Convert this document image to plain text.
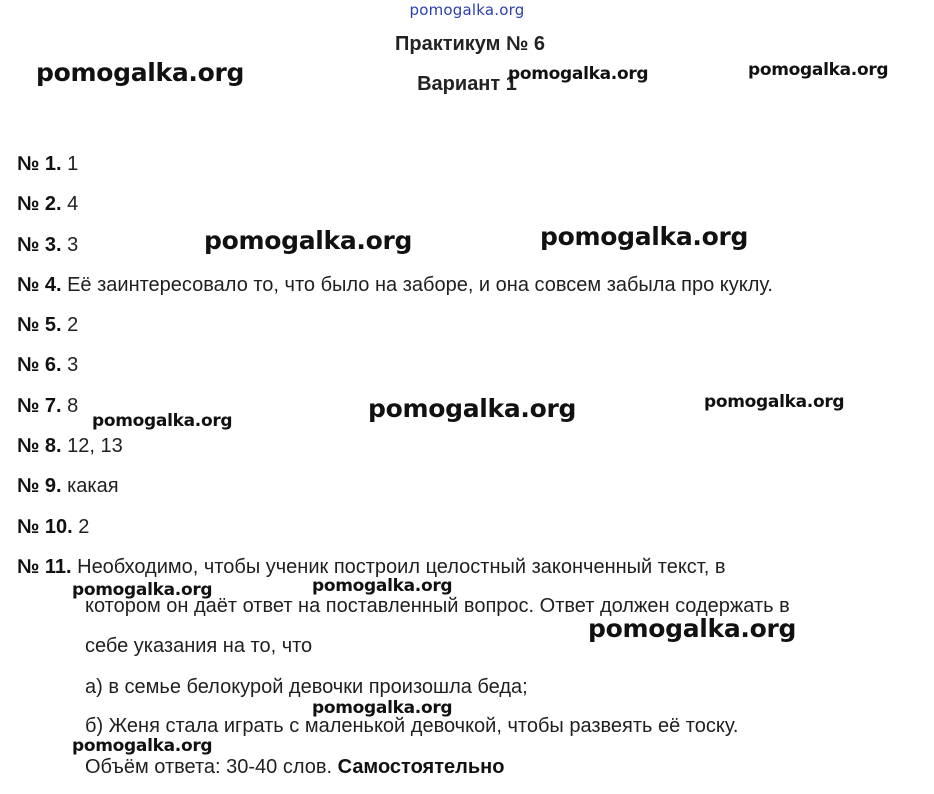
pomogalka.org
Практикум № 6
Вариант 1
№ 1. 1
№ 2. 4
№ 3. 3
№ 4. Её заинтересовало то, что было на заборе, и она совсем забыла про куклу.
№ 5. 2
№ 6. 3
№ 7. 8
№ 8. 12, 13
№ 9. какая
№ 10. 2
№ 11. Необходимо, чтобы ученик построил целостный законченный текст, в
котором он даёт ответ на поставленный вопрос. Ответ должен содержать в
себе указания на то, что
а) в семье белокурой девочки произошла беда;
б) Женя стала играть с маленькой девочкой, чтобы развеять её тоску.
Объём ответа: 30-40 слов. Самостоятельно
pomogalka.org	pomogalka.org	pomogalka.org
pomogalka.org	pomogalka.org
pomogalka.org
pomogalka.org
pomogalka.org
pomogalka.org	pomogalka.org
pomogalka.org
pomogalka.org
pomogalka.org
